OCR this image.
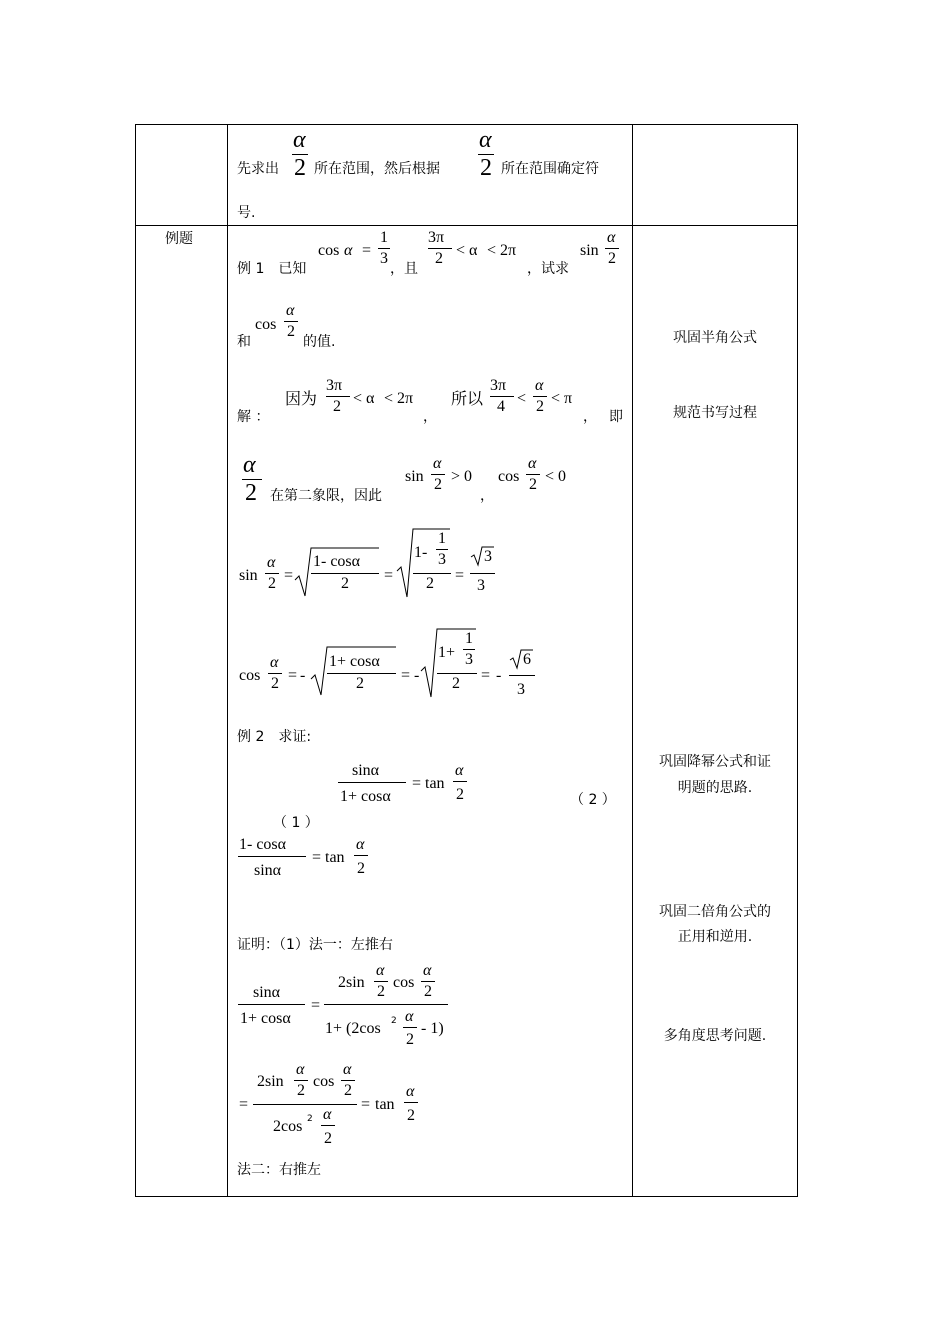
α
2
先求出	所在范围，然后根据
α
2 所在范围确定符
号.
例题
例 1　已知
cos α =
1
3
，且
3π
2 < α < 2π
，试求
sin
α
2
和
cos
α
2
的值.
解 ：
因为
3π
2 < α < 2π
，
所以
3π
4 <
α
2 < π
， 即
α
2 在第二象限，因此
sin
α
2 > 0
，
cos
α
2 < 0
sin
α
2 =
1- cosα
2 =
1-
1
3
2 =
3
3
cos
α
2 = -
1+ cosα
2 = -
1+
1
3
2 = -
6
3
例 2　求证:
sinα
1+ cosα
= tan
α
2	（ 2 ）
（ 1 ）
1- cosα
sinα
= tan
α
2
证明：（1）法一：左推右
sinα
1+ cosα
=
2sin
α
2
cos
α
2
1+ (2cos 2 α
2
- 1)
=
2sin
α
2
cos
α
2
2cos 2 α
2
= tan
α
2
法二：右推左
巩固半角公式
规范书写过程
巩固降幂公式和证
明题的思路.
巩固二倍角公式的
正用和逆用.
多角度思考问题.
